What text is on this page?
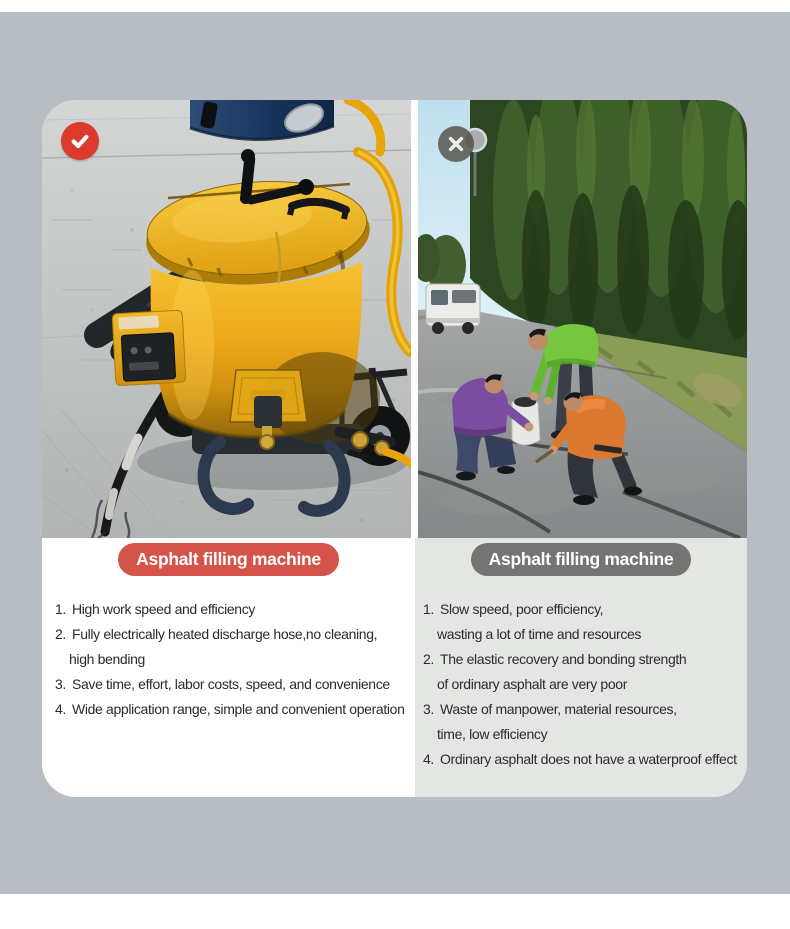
Asphalt filling machine
1. High work speed and efficiency
2. Fully electrically heated discharge hose,no cleaning,
high bending
3. Save time, effort, labor costs, speed, and convenience
4. Wide application range, simple and convenient operation
Asphalt filling machine
1. Slow speed, poor efficiency,
wasting a lot of time and resources
2. The elastic recovery and bonding strength
of ordinary asphalt are very poor
3. Waste of manpower, material resources,
time, low efficiency
4. Ordinary asphalt does not have a waterproof effect
